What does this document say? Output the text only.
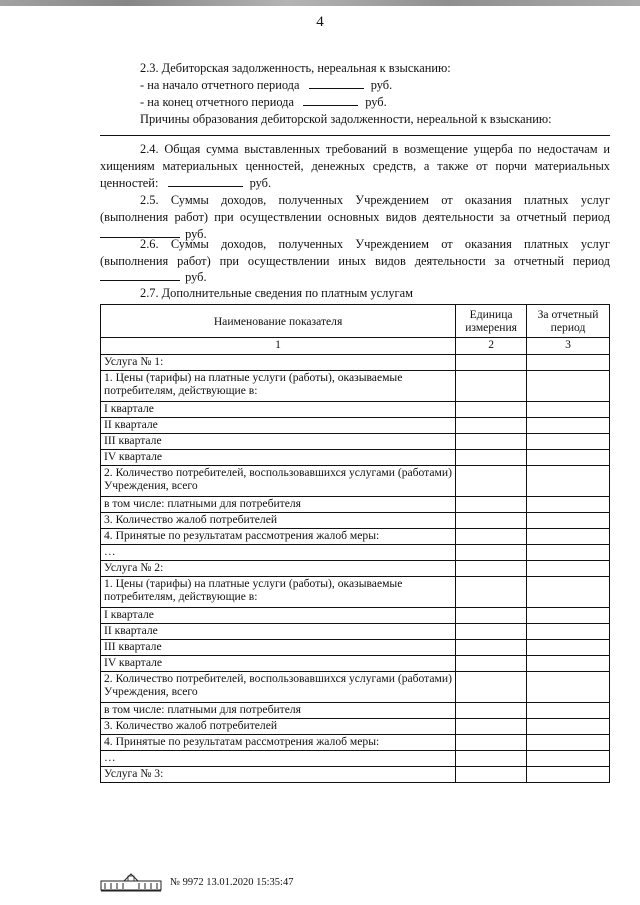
4
2.3. Дебиторская задолженность, нереальная к взысканию:
- на начало отчетного периода	руб.
- на конец отчетного периода	руб.
Причины образования дебиторской задолженности, нереальной к взысканию:
2.4. Общая сумма выставленных требований в возмещение ущерба по недостачам и
хищениям материальных ценностей, денежных средств, а также от порчи материальных
ценностей:	руб.
2.5. Суммы доходов, полученных Учреждением от оказания платных услуг
(выполнения работ) при осуществлении основных видов деятельности за отчетный период
руб.
2.6. Суммы доходов, полученных Учреждением от оказания платных услуг
(выполнения работ) при осуществлении иных видов деятельности за отчетный период
руб.
2.7. Дополнительные сведения по платным услугам
Наименование показателя	Единица измерения	За отчетный период
1	2	3
Услуга № 1:		
1. Цены (тарифы) на платные услуги (работы), оказываемые потребителям, действующие в:		
I квартале		
II квартале		
III квартале		
IV квартале		
2. Количество потребителей, воспользовавшихся услугами (работами) Учреждения, всего		
в том числе: платными для потребителя		
3. Количество жалоб потребителей		
4. Принятые по результатам рассмотрения жалоб меры:		
…		
Услуга № 2:		
1. Цены (тарифы) на платные услуги (работы), оказываемые потребителям, действующие в:		
I квартале		
II квартале		
III квартале		
IV квартале		
2. Количество потребителей, воспользовавшихся услугами (работами) Учреждения, всего		
в том числе: платными для потребителя		
3. Количество жалоб потребителей		
4. Принятые по результатам рассмотрения жалоб меры:		
…		
Услуга № 3:		
№ 9972 13.01.2020 15:35:47
